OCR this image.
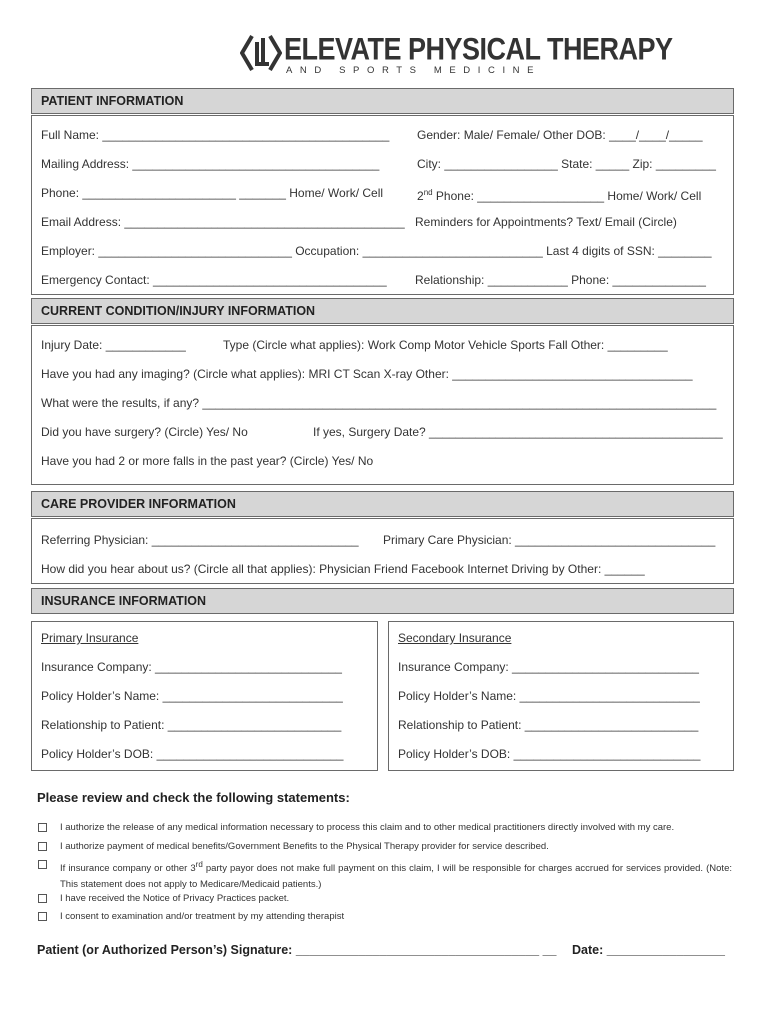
ELEVATE PHYSICAL THERAPY
AND SPORTS MEDICINE
PATIENT INFORMATION
Full Name: ___________________________________________ Gender: Male/ Female/ Other DOB: ____/____/_____
Mailing Address: _____________________________________	City: _________________ State: _____ Zip: _________
Phone: _______________________ _______ Home/ Work/ Cell	2nd Phone: ___________________ Home/ Work/ Cell
Email Address: __________________________________________ Reminders for Appointments? Text/ Email (Circle)
Employer: _____________________________ Occupation: ___________________________ Last 4 digits of SSN: ________
Emergency Contact: ___________________________________ Relationship: ____________ Phone: ______________
CURRENT CONDITION/INJURY INFORMATION
Injury Date: ____________	Type (Circle what applies): Work Comp Motor Vehicle Sports Fall Other: _________
Have you had any imaging? (Circle what applies): MRI CT Scan X-ray Other: ____________________________________
What were the results, if any? _____________________________________________________________________________
Did you have surgery? (Circle) Yes/ No	If yes, Surgery Date? ____________________________________________
Have you had 2 or more falls in the past year? (Circle) Yes/ No
CARE PROVIDER INFORMATION
Referring Physician: _______________________________ Primary Care Physician: ______________________________
How did you hear about us? (Circle all that applies): Physician Friend Facebook Internet Driving by Other: ______
INSURANCE INFORMATION
Primary Insurance
Insurance Company: ____________________________
Policy Holder’s Name: ___________________________
Relationship to Patient: __________________________
Policy Holder’s DOB: ____________________________
Secondary Insurance
Insurance Company: ____________________________
Policy Holder’s Name: ___________________________
Relationship to Patient: __________________________
Policy Holder’s DOB: ____________________________
Please review and check the following statements:
I authorize the release of any medical information necessary to process this claim and to other medical practitioners directly involved with my care.
I authorize payment of medical benefits/Government Benefits to the Physical Therapy provider for service described.
If insurance company or other 3rd party payor does not make full payment on this claim, I will be responsible for charges accrued for services provided. (Note: This statement does not apply to Medicare/Medicaid patients.)
I have received the Notice of Privacy Practices packet.
I consent to examination and/or treatment by my attending therapist
Patient (or Authorized Person’s) Signature: ___________________________________ __ Date: _________________
